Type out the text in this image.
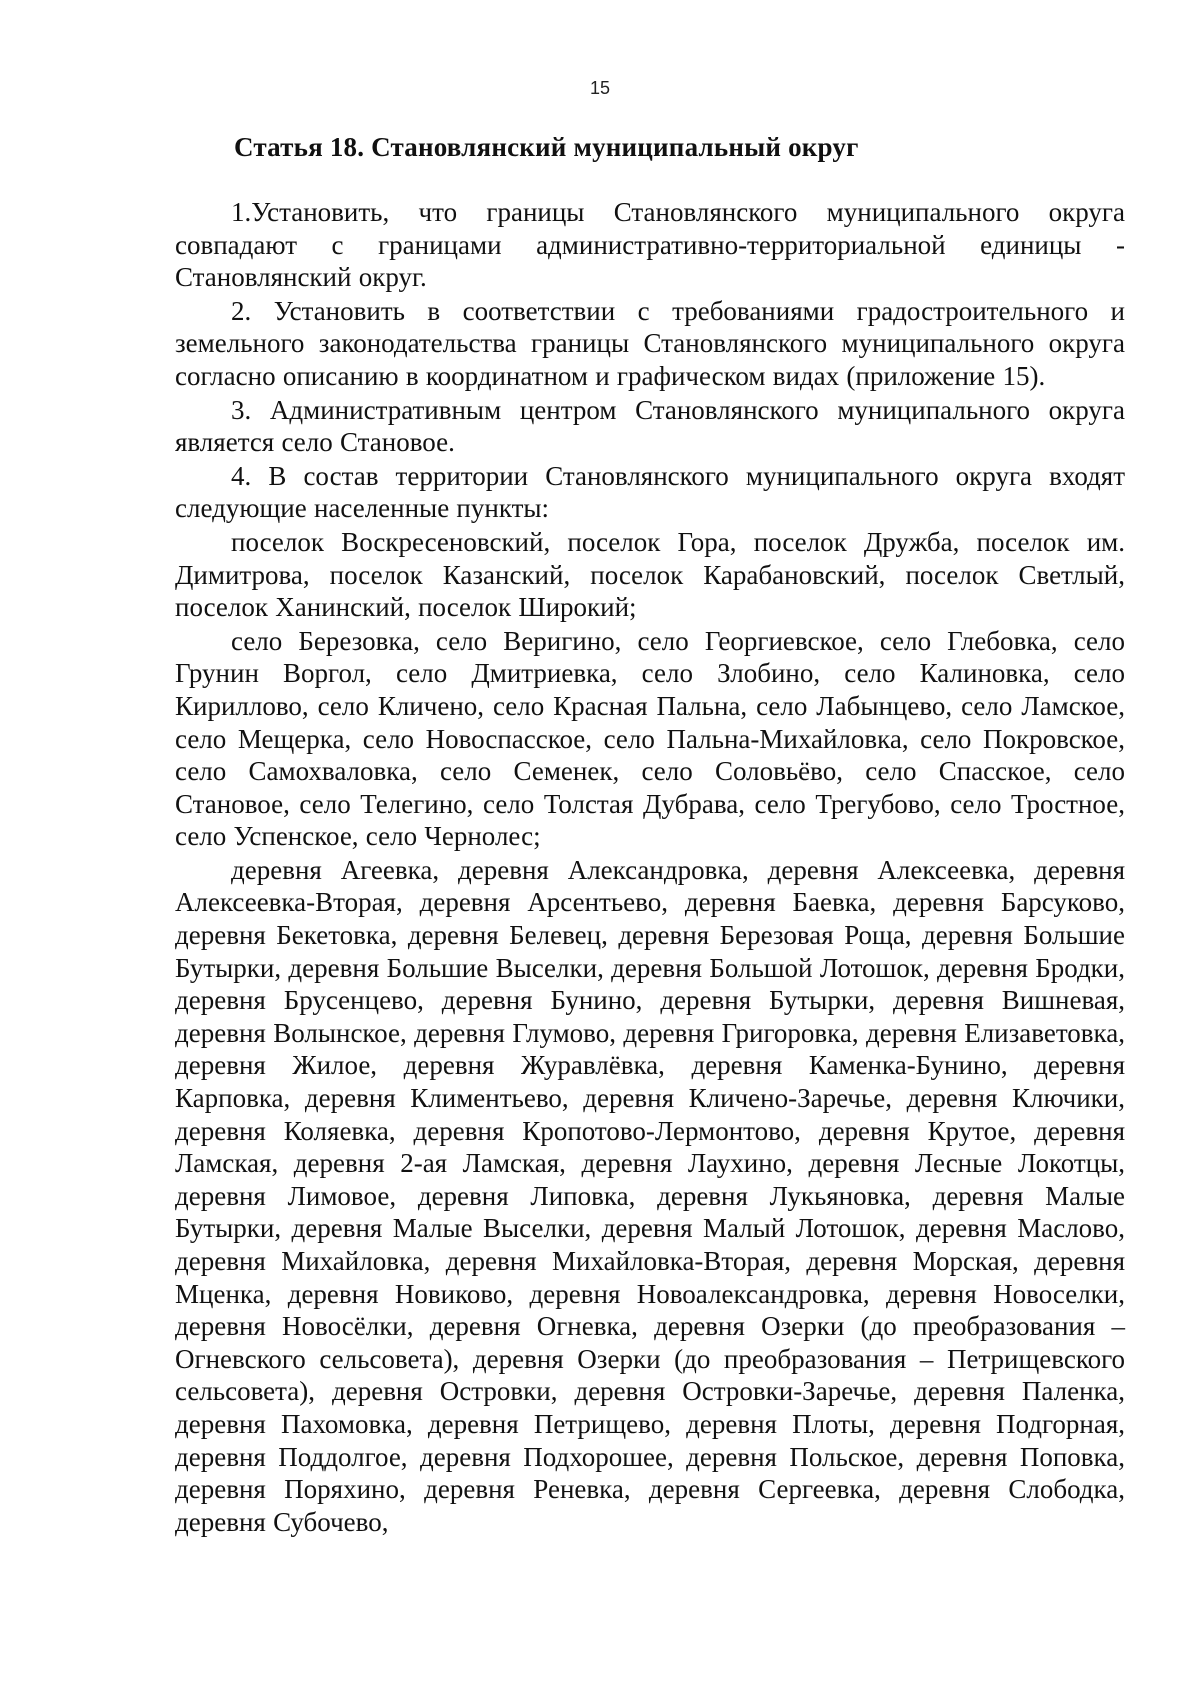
15
Статья 18. Становлянский муниципальный округ

1.Установить, что границы Становлянского муниципального округа совпадают с границами административно-территориальной единицы - Становлянский округ.

2. Установить в соответствии с требованиями градостроительного и земельного законодательства границы Становлянского муниципального округа согласно описанию в координатном и графическом видах (приложение 15).

3. Административным центром Становлянского муниципального округа является село Становое.

4. В состав территории Становлянского муниципального округа входят следующие населенные пункты:

поселок Воскресеновский, поселок Гора, поселок Дружба, поселок им. Димитрова, поселок Казанский, поселок Карабановский, поселок Светлый, поселок Ханинский, поселок Широкий;

село Березовка, село Веригино, село Георгиевское, село Глебовка, село Грунин Воргол, село Дмитриевка, село Злобино, село Калиновка, село Кириллово, село Кличено, село Красная Пальна, село Лабынцево, село Ламское, село Мещерка, село Новоспасское, село Пальна-Михайловка, село Покровское, село Самохваловка, село Семенек, село Соловьёво, село Спасское, село Становое, село Телегино, село Толстая Дубрава, село Трегубово, село Тростное, село Успенское, село Чернолес;

деревня Агеевка, деревня Александровка, деревня Алексеевка, деревня Алексеевка-Вторая, деревня Арсентьево, деревня Баевка, деревня Барсуково, деревня Бекетовка, деревня Белевец, деревня Березовая Роща, деревня Большие Бутырки, деревня Большие Выселки, деревня Большой Лотошок, деревня Бродки, деревня Брусенцево, деревня Бунино, деревня Бутырки, деревня Вишневая, деревня Волынское, деревня Глумово, деревня Григоровка, деревня Елизаветовка, деревня Жилое, деревня Журавлёвка, деревня Каменка-Бунино, деревня Карповка, деревня Климентьево, деревня Кличено-Заречье, деревня Ключики, деревня Коляевка, деревня Кропотово-Лермонтово, деревня Крутое, деревня Ламская, деревня 2-ая Ламская, деревня Лаухино, деревня Лесные Локотцы, деревня Лимовое, деревня Липовка, деревня Лукьяновка, деревня Малые Бутырки, деревня Малые Выселки, деревня Малый Лотошок, деревня Маслово, деревня Михайловка, деревня Михайловка-Вторая, деревня Морская, деревня Мценка, деревня Новиково, деревня Новоалександровка, деревня Новоселки, деревня Новосёлки, деревня Огневка, деревня Озерки (до преобразования – Огневского сельсовета), деревня Озерки (до преобразования – Петрищевского сельсовета), деревня Островки, деревня Островки-Заречье, деревня Паленка, деревня Пахомовка, деревня Петрищево, деревня Плоты, деревня Подгорная, деревня Поддолгое, деревня Подхорошее, деревня Польское, деревня Поповка, деревня Поряхино, деревня Реневка, деревня Сергеевка, деревня Слободка, деревня Субочево,
